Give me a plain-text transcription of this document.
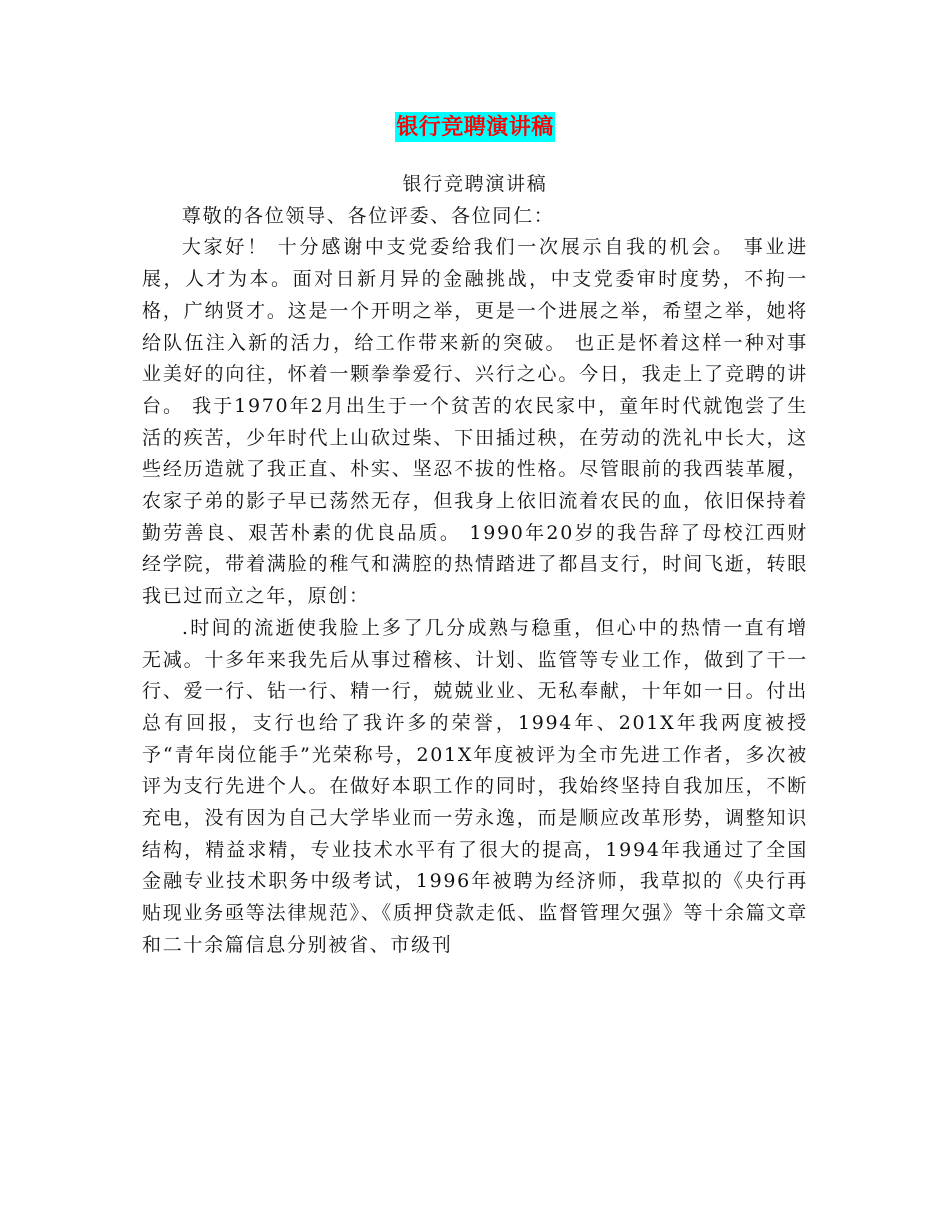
银行竞聘演讲稿

银行竞聘演讲稿

尊敬的各位领导、各位评委、各位同仁：

大家好！ 十分感谢中支党委给我们一次展示自我的机会。 事业进展，人才为本。面对日新月异的金融挑战，中支党委审时度势，不拘一格，广纳贤才。这是一个开明之举，更是一个进展之举，希望之举，她将给队伍注入新的活力，给工作带来新的突破。 也正是怀着这样一种对事业美好的向往，怀着一颗拳拳爱行、兴行之心。今日，我走上了竞聘的讲台。 我于1970年2月出生于一个贫苦的农民家中，童年时代就饱尝了生活的疾苦，少年时代上山砍过柴、下田插过秧，在劳动的洗礼中长大，这些经历造就了我正直、朴实、坚忍不拔的性格。尽管眼前的我西装革履，农家子弟的影子早已荡然无存，但我身上依旧流着农民的血，依旧保持着勤劳善良、艰苦朴素的优良品质。 1990年20岁的我告辞了母校江西财经学院，带着满脸的稚气和满腔的热情踏进了都昌支行，时间飞逝，转眼我已过而立之年，原创：

.时间的流逝使我脸上多了几分成熟与稳重，但心中的热情一直有增无减。十多年来我先后从事过稽核、计划、监管等专业工作，做到了干一行、爱一行、钻一行、精一行，兢兢业业、无私奉献，十年如一日。付出总有回报，支行也给了我许多的荣誉，1994年、201X年我两度被授予“青年岗位能手”光荣称号，201X年度被评为全市先进工作者，多次被评为支行先进个人。在做好本职工作的同时，我始终坚持自我加压，不断充电，没有因为自己大学毕业而一劳永逸，而是顺应改革形势，调整知识结构，精益求精，专业技术水平有了很大的提高，1994年我通过了全国金融专业技术职务中级考试，1996年被聘为经济师，我草拟的《央行再贴现业务亟等法律规范》、《质押贷款走低、监督管理欠强》等十余篇文章和二十余篇信息分别被省、市级刊
